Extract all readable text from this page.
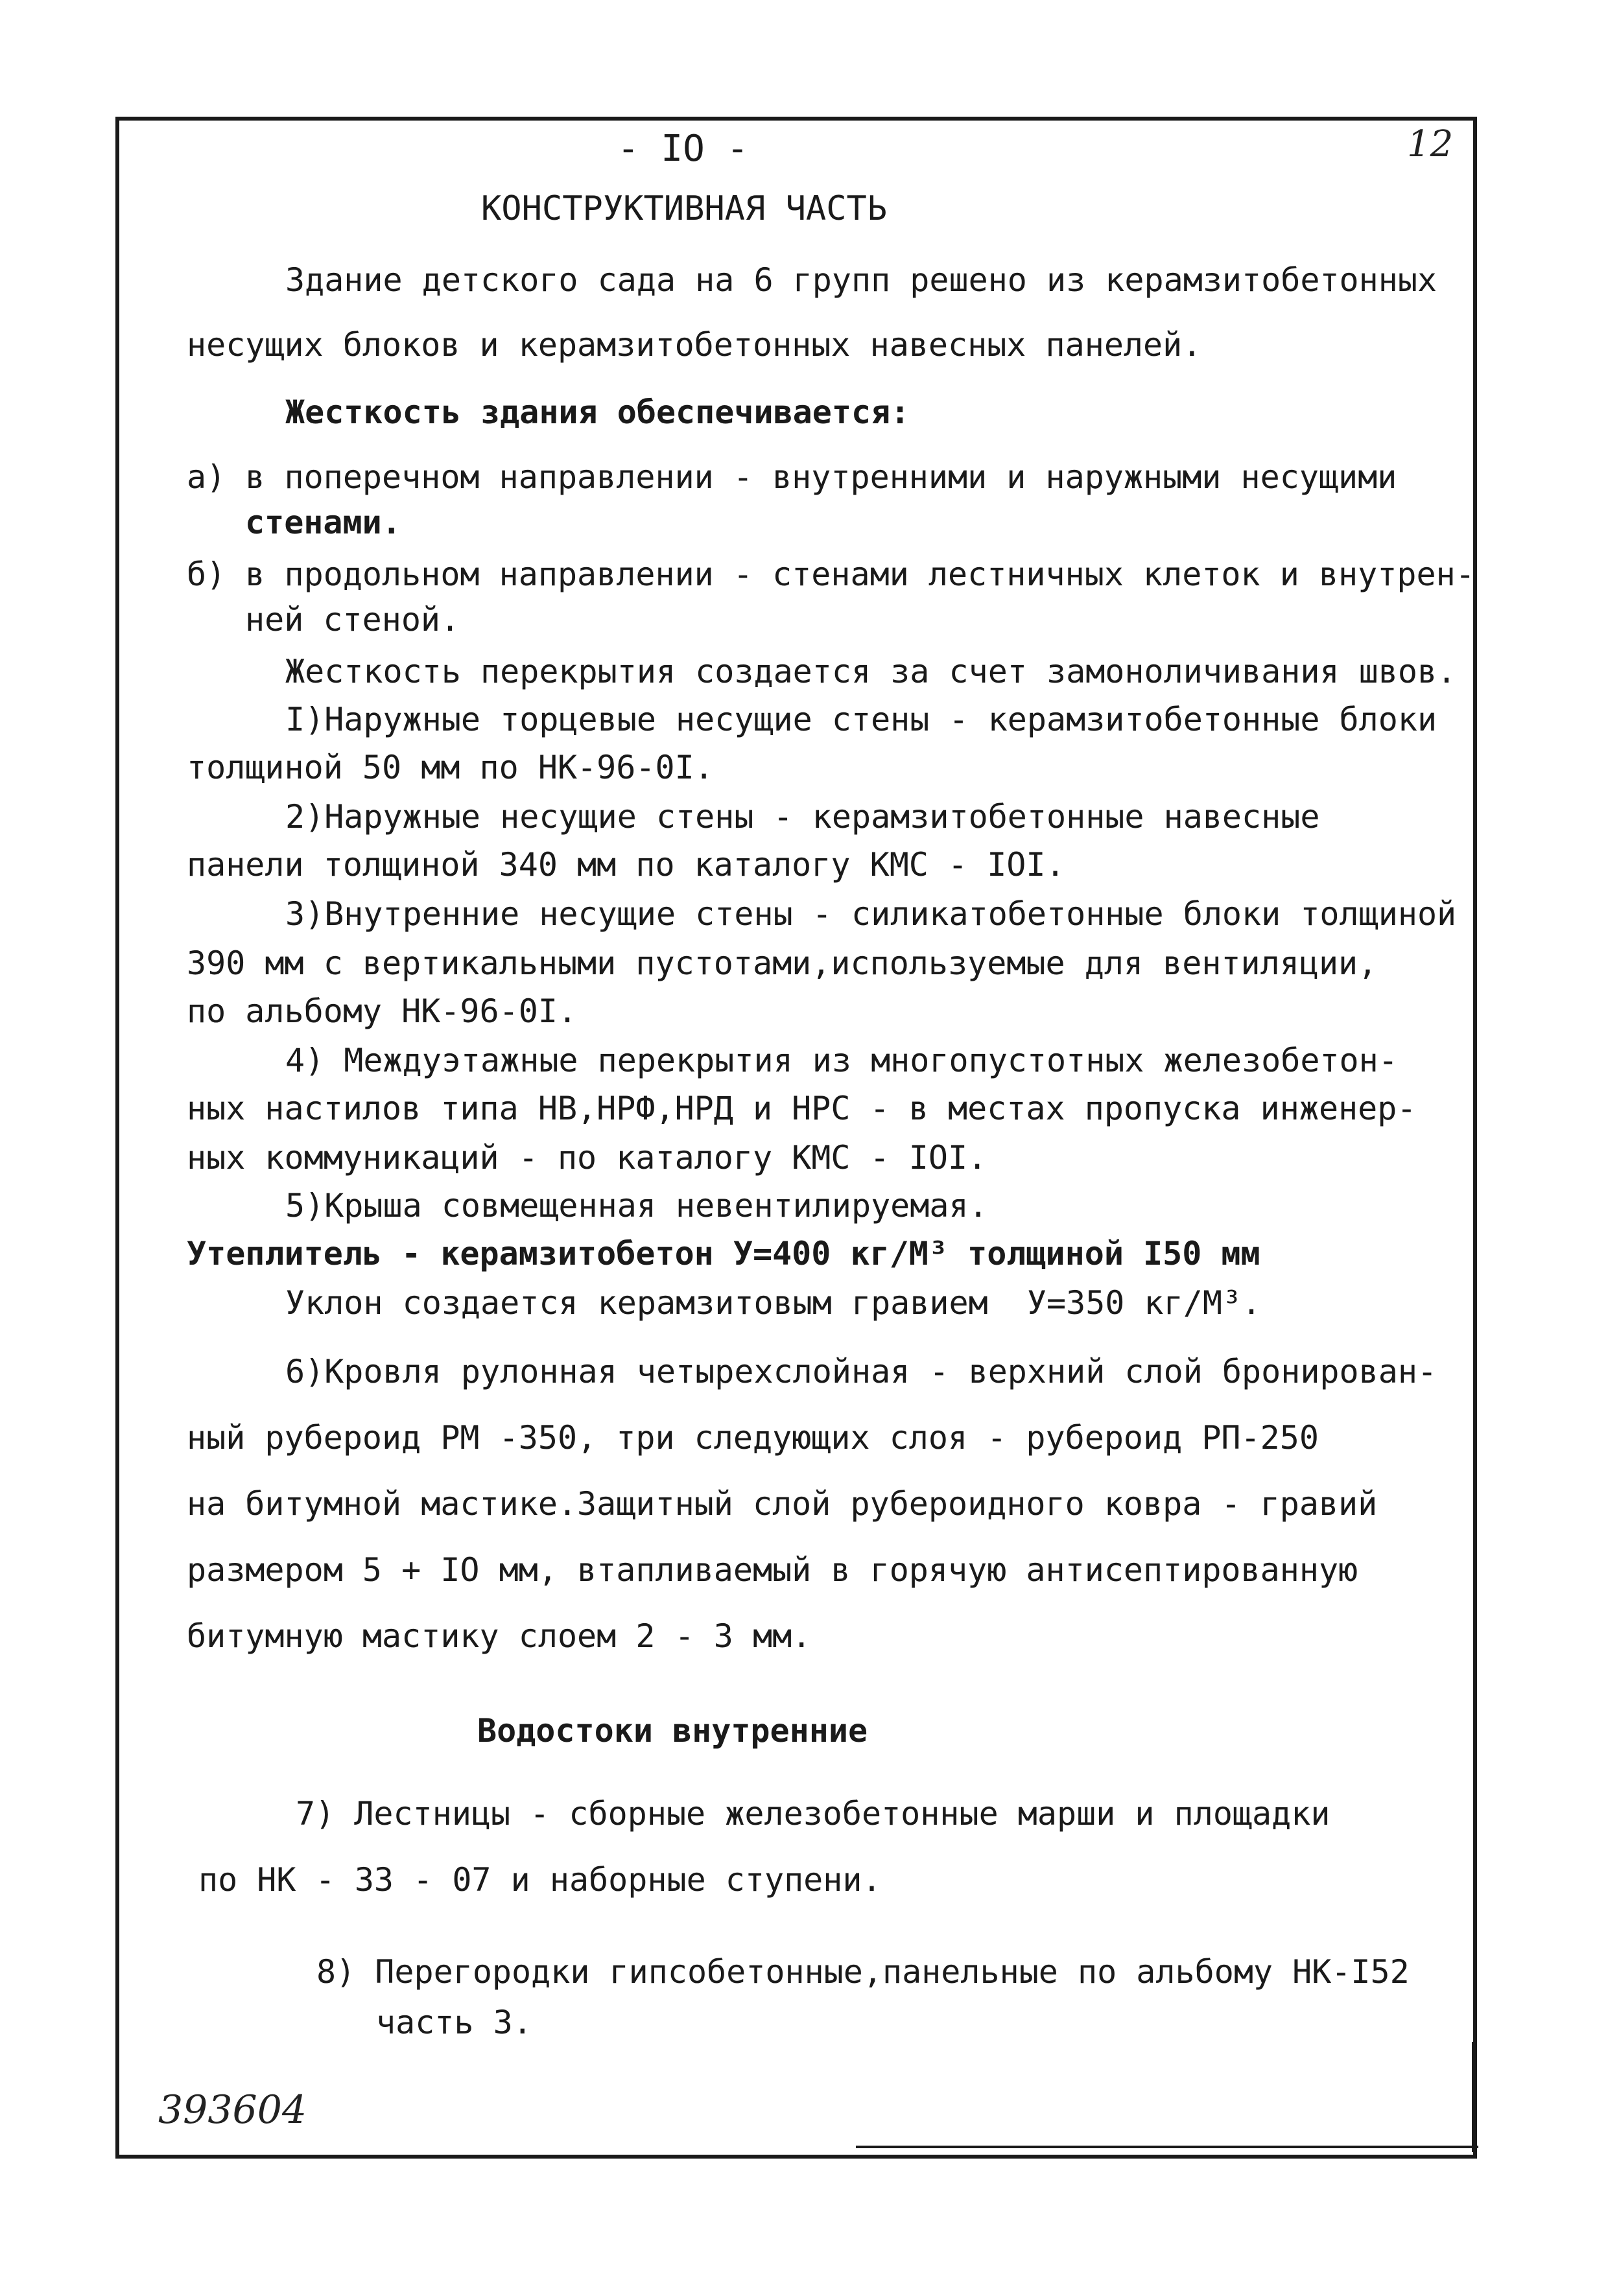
- IO -	12
КОНСТРУКТИВНАЯ ЧАСТЬ
Здание детского сада на 6 групп решено из керамзитобетонных
несущих блоков и керамзитобетонных навесных панелей.
Жесткость здания обеспечивается:
а) в поперечном направлении - внутренними и наружными несущими
стенами.
б) в продольном направлении - стенами лестничных клеток и внутрен-
ней стеной.
Жесткость перекрытия создается за счет замоноличивания швов.
I)Наружные торцевые несущие стены - керамзитобетонные блоки
толщиной 50 мм по НК-96-0I.
2)Наружные несущие стены - керамзитобетонные навесные
панели толщиной 340 мм по каталогу КМС - IOI.
3)Внутренние несущие стены - силикатобетонные блоки толщиной
390 мм с вертикальными пустотами,используемые для вентиляции,
по альбому НК-96-0I.
4) Междуэтажные перекрытия из многопустотных железобетон-
ных настилов типа НВ,НРФ,НРД и НРС - в местах пропуска инженер-
ных коммуникаций - по каталогу КМС - IOI.
5)Крыша совмещенная невентилируемая.
Утеплитель - керамзитобетон У=400 кг/М³ толщиной I50 мм
Уклон создается керамзитовым гравием  У=350 кг/М³.
6)Кровля рулонная четырехслойная - верхний слой бронирован-
ный рубероид РМ -350, три следующих слоя - рубероид РП-250
на битумной мастике.Защитный слой рубероидного ковра - гравий
размером 5 + IO мм, втапливаемый в горячую антисептированную
битумную мастику слоем 2 - 3 мм.
Водостоки внутренние
7) Лестницы - сборные железобетонные марши и площадки
по НК - 33 - 07 и наборные ступени.
8) Перегородки гипсобетонные,панельные по альбому НК-I52
часть 3.
393604
